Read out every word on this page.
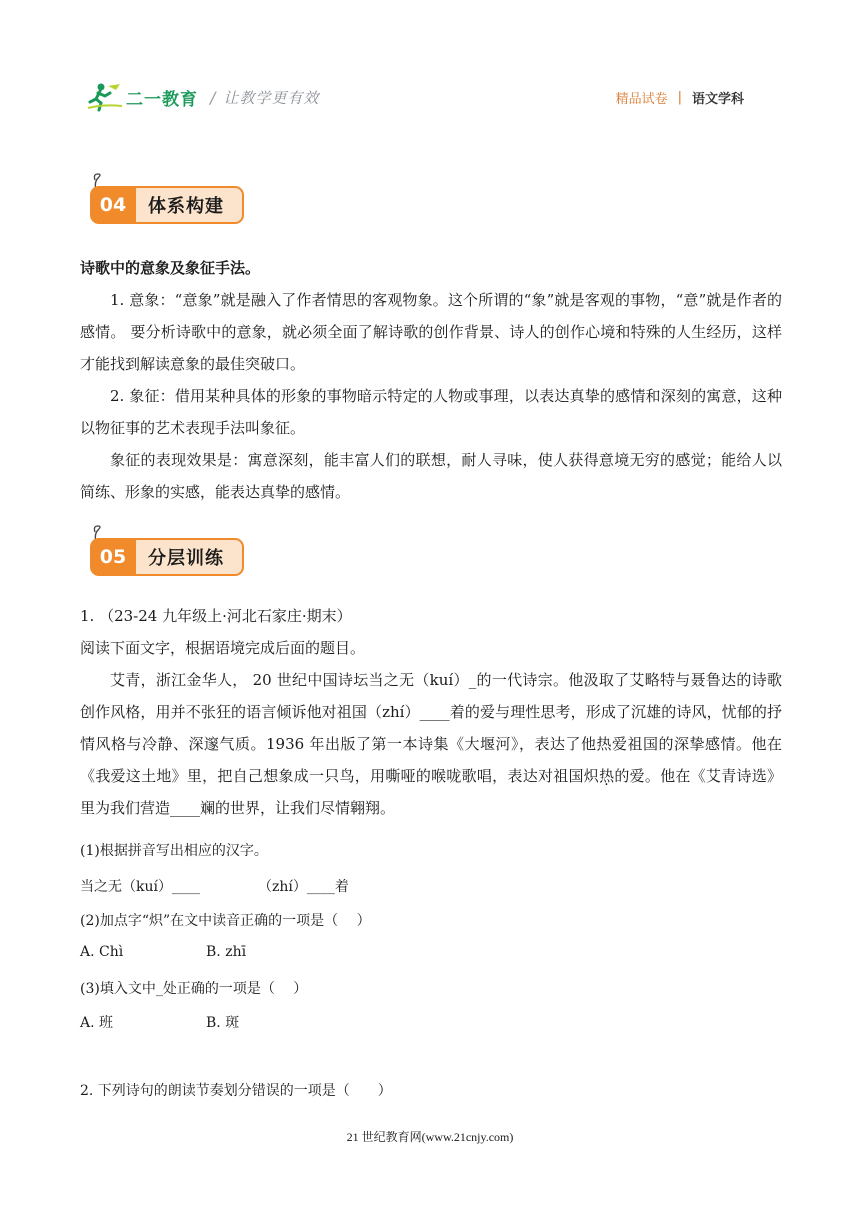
二一教育 / 让教学更有效	精品试卷 | 语文学科
04	体系构建

诗歌中的意象及象征手法。

1. 意象：“意象”就是融入了作者情思的客观物象。这个所谓的“象”就是客观的事物，“意”就是作者的感情。 要分析诗歌中的意象，就必须全面了解诗歌的创作背景、诗人的创作心境和特殊的人生经历，这样才能找到解读意象的最佳突破口。

2. 象征：借用某种具体的形象的事物暗示特定的人物或事理，以表达真挚的感情和深刻的寓意，这种以物征事的艺术表现手法叫象征。

象征的表现效果是：寓意深刻，能丰富人们的联想，耐人寻味，使人获得意境无穷的感觉；能给人以简练、形象的实感，能表达真挚的感情。

05	分层训练

1. （23-24 九年级上·河北石家庄·期末）

阅读下面文字，根据语境完成后面的题目。

艾青，浙江金华人， 20 世纪中国诗坛当之无（kuí）_的一代诗宗。他汲取了艾略特与聂鲁达的诗歌创作风格，用并不张狂的语言倾诉他对祖国（zhí）____着的爱与理性思考，形成了沉雄的诗风，忧郁的抒情风格与冷静、深邃气质。1936 年出版了第一本诗集《大堰河》，表达了他热爱祖国的深挚感情。他在《我爱这土地》里，把自己想象成一只鸟，用嘶哑的喉咙歌唱，表达对祖国炽热的爱。他在《艾青诗选》里为我们营造____斓的世界，让我们尽情翱翔。

(1)根据拼音写出相应的汉字。
当之无（kuí）____	（zhí）____着
(2)加点字“炽”在文中读音正确的一项是（　 ）
A. Chì	B. zhī
(3)填入文中_处正确的一项是（　 ）
A. 班	B. 斑
2. 下列诗句的朗读节奏划分错误的一项是（　　）
21 世纪教育网(www.21cnjy.com)
